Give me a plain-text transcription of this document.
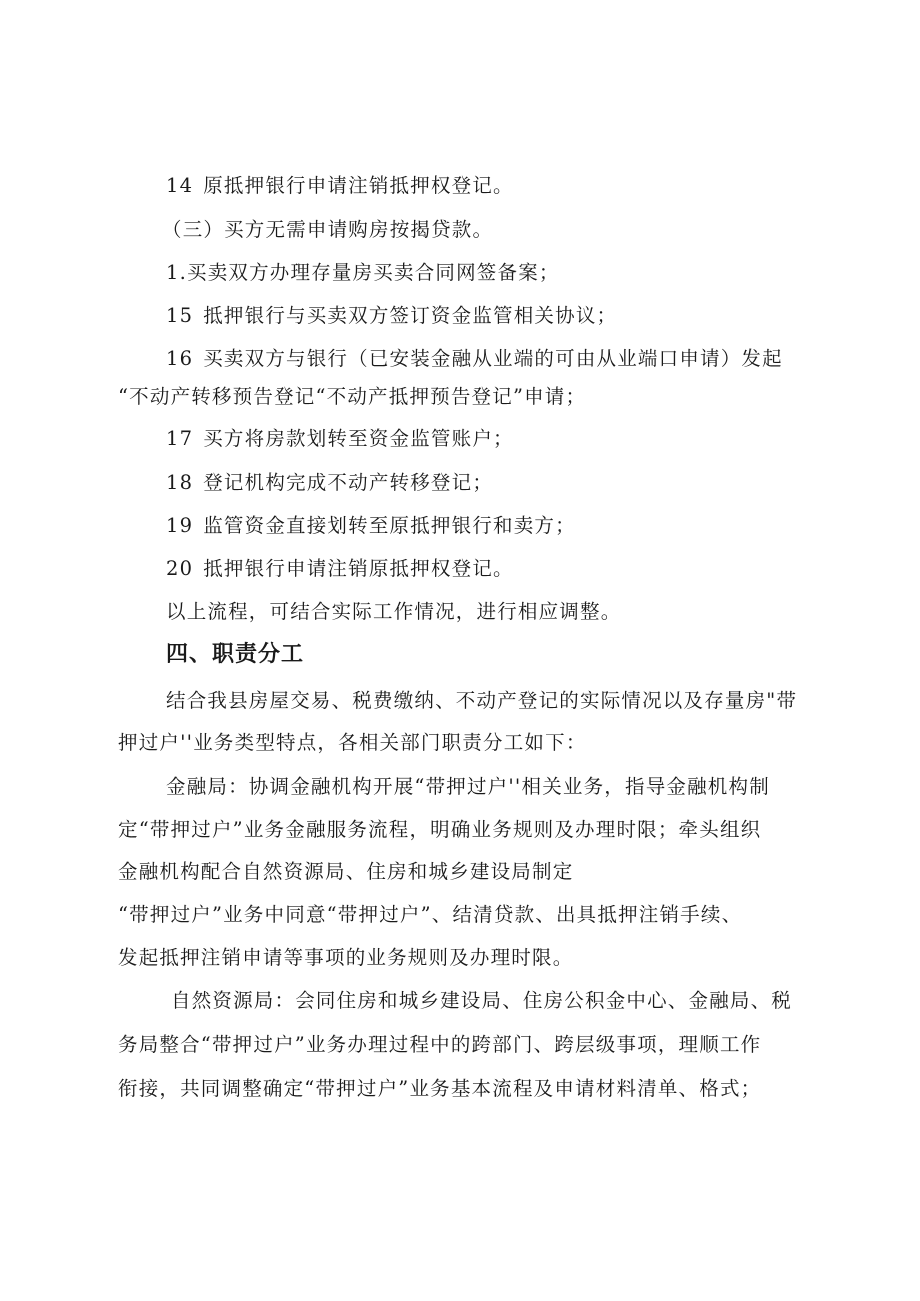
14 原抵押银行申请注销抵押权登记。
（三）买方无需申请购房按揭贷款。
1.买卖双方办理存量房买卖合同网签备案；
15 抵押银行与买卖双方签订资金监管相关协议；
16 买卖双方与银行（已安装金融从业端的可由从业端口申请）发起
“不动产转移预告登记“不动产抵押预告登记”申请；
17 买方将房款划转至资金监管账户；
18 登记机构完成不动产转移登记；
19 监管资金直接划转至原抵押银行和卖方；
20 抵押银行申请注销原抵押权登记。
以上流程，可结合实际工作情况，进行相应调整。
四、职责分工
结合我县房屋交易、税费缴纳、不动产登记的实际情况以及存量房"带
押过户''业务类型特点，各相关部门职责分工如下：
金融局：协调金融机构开展“带押过户''相关业务，指导金融机构制
定“带押过户”业务金融服务流程，明确业务规则及办理时限；牵头组织
金融机构配合自然资源局、住房和城乡建设局制定
“带押过户”业务中同意“带押过户”、结清贷款、出具抵押注销手续、
发起抵押注销申请等事项的业务规则及办理时限。
自然资源局：会同住房和城乡建设局、住房公积金中心、金融局、税
务局整合“带押过户”业务办理过程中的跨部门、跨层级事项，理顺工作
衔接，共同调整确定“带押过户”业务基本流程及申请材料清单、格式；
